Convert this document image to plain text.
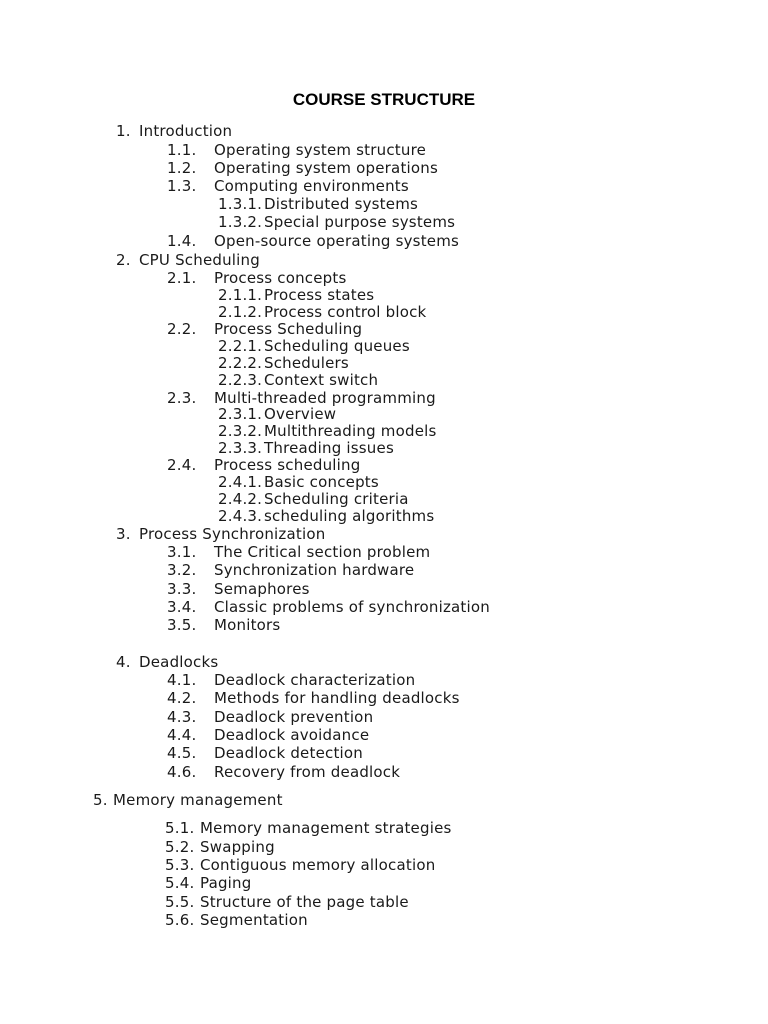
COURSE STRUCTURE
1. Introduction
1.1. Operating system structure
1.2. Operating system operations
1.3. Computing environments
1.3.1. Distributed systems
1.3.2. Special purpose systems
1.4. Open-source operating systems
2. CPU Scheduling
2.1. Process concepts
2.1.1. Process states
2.1.2. Process control block
2.2. Process Scheduling
2.2.1. Scheduling queues
2.2.2. Schedulers
2.2.3. Context switch
2.3. Multi-threaded programming
2.3.1. Overview
2.3.2. Multithreading models
2.3.3. Threading issues
2.4. Process scheduling
2.4.1. Basic concepts
2.4.2. Scheduling criteria
2.4.3. scheduling algorithms
3. Process Synchronization
3.1. The Critical section problem
3.2. Synchronization hardware
3.3. Semaphores
3.4. Classic problems of synchronization
3.5. Monitors
4. Deadlocks
4.1. Deadlock characterization
4.2. Methods for handling deadlocks
4.3. Deadlock prevention
4.4. Deadlock avoidance
4.5. Deadlock detection
4.6. Recovery from deadlock
5. Memory management
5.1. Memory management strategies
5.2. Swapping
5.3. Contiguous memory allocation
5.4. Paging
5.5. Structure of the page table
5.6. Segmentation
